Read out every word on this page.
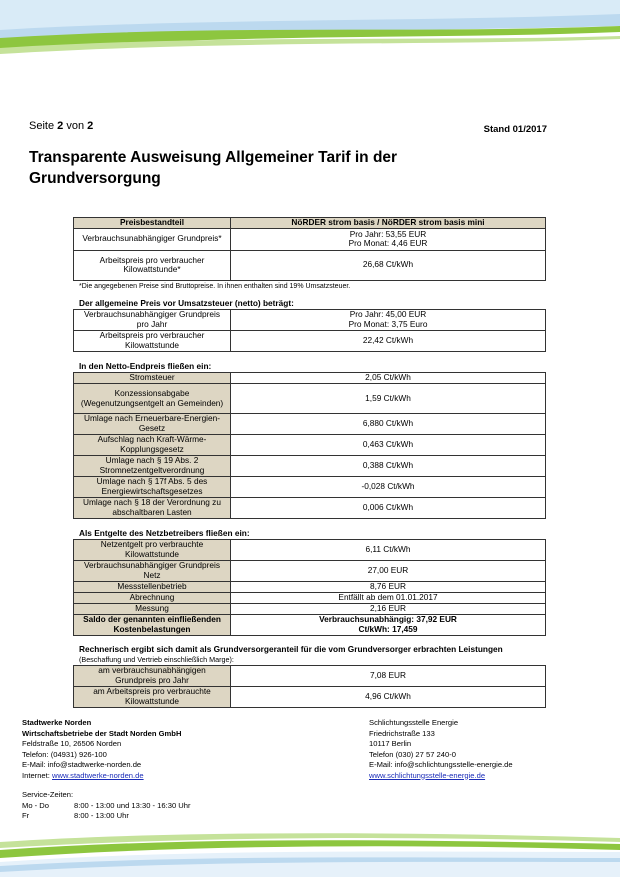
Seite 2 von 2	Stand 01/2017
Transparente Ausweisung Allgemeiner Tarif in der Grundversorgung
Preisbestandteil	NöRDER strom basis / NöRDER strom basis mini
Verbrauchsunabhängiger Grundpreis*	Pro Jahr: 53,55 EUR
Pro Monat: 4,46 EUR

Arbeitspreis pro verbraucher Kilowattstunde*	26,68 Ct/kWh
*Die angegebenen Preise sind Bruttopreise. In ihnen enthalten sind 19% Umsatzsteuer.
Der allgemeine Preis vor Umsatzsteuer (netto) beträgt:
Verbrauchsunabhängiger Grundpreis pro Jahr	Pro Jahr: 45,00 EUR
Pro Monat: 3,75 Euro

Arbeitspreis pro verbraucher Kilowattstunde	22,42 Ct/kWh
In den Netto-Endpreis fließen ein:
Stromsteuer	2,05 Ct/kWh
Konzessionsabgabe (Wegenutzungsentgelt an Gemeinden)	1,59 Ct/kWh
Umlage nach Erneuerbare-Energien-Gesetz	6,880 Ct/kWh
Aufschlag nach Kraft-Wärme-Kopplungsgesetz	0,463 Ct/kWh
Umlage nach § 19 Abs. 2 Stromnetzentgeltverordnung	0,388 Ct/kWh
Umlage nach § 17f Abs. 5 des Energiewirtschaftsgesetzes	-0,028 Ct/kWh
Umlage nach § 18 der Verordnung zu abschaltbaren Lasten	0,006 Ct/kWh
Als Entgelte des Netzbetreibers fließen ein:
Netzentgelt pro verbrauchte Kilowattstunde	6,11 Ct/kWh
Verbrauchsunabhängiger Grundpreis Netz	27,00 EUR
Messstellenbetrieb	8,76 EUR
Abrechnung	Entfällt ab dem 01.01.2017
Messung	2,16 EUR
Saldo der genannten einfließenden Kostenbelastungen	Verbrauchsunabhängig: 37,92 EUR
Ct/kWh: 17,459
Rechnerisch ergibt sich damit als Grundversorgeranteil für die vom Grundversorger erbrachten Leistungen
(Beschaffung und Vertrieb einschließlich Marge):
am verbrauchsunabhängigen Grundpreis pro Jahr	7,08 EUR
am Arbeitspreis pro verbrauchte Kilowattstunde	4,96 Ct/kWh
Stadtwerke Norden
Wirtschaftsbetriebe der Stadt Norden GmbH
Feldstraße 10, 26506 Norden
Telefon: (04931) 926-100
E-Mail: info@stadtwerke-norden.de
Internet: www.stadtwerke-norden.de
Schlichtungsstelle Energie
Friedrichstraße 133
10117 Berlin
Telefon (030) 27 57 240-0
E-Mail: info@schlichtungsstelle-energie.de
www.schlichtungsstelle-energie.de
Service-Zeiten:
Mo - Do	8:00 - 13:00 und 13:30 - 16:30 Uhr
Fr	8:00 - 13:00 Uhr
